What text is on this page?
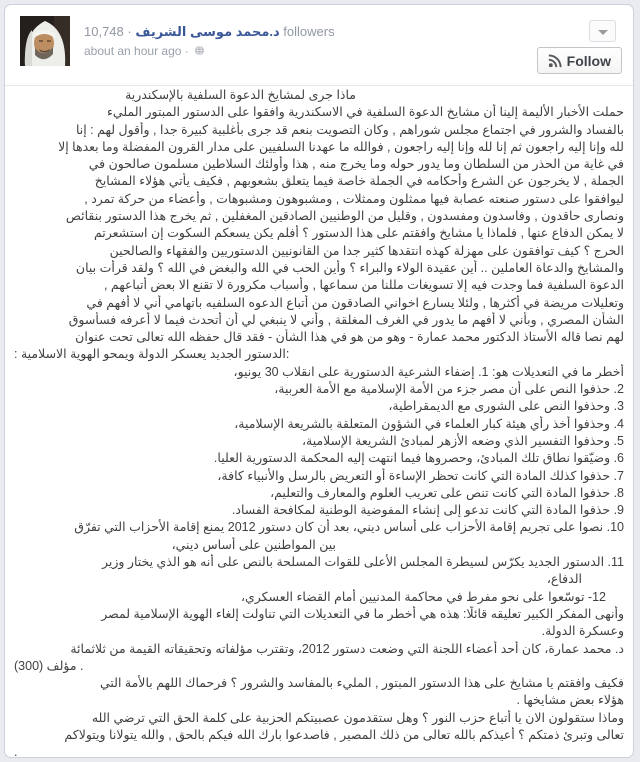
10,748 · د.محمد موسى الشريف followers
about an hour ago ·
Follow
ماذا جرى لمشايخ الدعوة السلفية بالإسكندرية
حملت الأخبار الأليمة إلينا أن مشايخ الدعوة السلفية في الاسكندرية وافقوا على الدستور المبتور المليء
بالفساد والشرور في اجتماع مجلس شوراهم , وكان التصويت بنعم قد جرى بأغلبية كبيرة جدا , وأقول لهم : إنا
لله وإنا إليه راجعون ثم إنا لله وإنا إليه راجعون , فوالله ما عهدنا السلفيين على مدار القرون المفضلة وما بعدها إلا
في غاية من الحذر من السلطان وما يدور حوله وما يخرج منه , هذا وأولئك السلاطين مسلمون صالحون في
الجملة , لا يخرجون عن الشرع وأحكامه في الجملة خاصة فيما يتعلق بشعوبهم , فكيف يأتي هؤلاء المشايخ
ليوافقوا على دستور صنعته عصابة فيها ممثلون وممثلات , ومشبوهون ومشبوهات , وأعضاء من حركة تمرد ,
ونصارى حاقدون , وفاسدون ومفسدون , وقليل من الوطنيين الصادقين المغفلين , ثم يخرج هذا الدستور بنقائص
لا يمكن الدفاع عنها , فلماذا يا مشايخ وافقتم على هذا الدستور ؟ أفلم يكن يسعكم السكوت إن استشعرتم
الحرج ؟ كيف توافقون على مهزلة كهذه انتقدها كثير جدا من القانونيين الدستوريين والفقهاء والصالحين
والمشايخ والدعاة العاملين .. أين عقيدة الولاء والبراء ؟ وأين الحب في الله والبغض في الله ؟ ولقد قرأت بيان
الدعوة السلفية فما وجدت فيه إلا تسويغات مللنا من سماعها , وأسباب مكرورة لا تقنع الا بعض أتباعهم ,
وتعليلات مريضة في أكثرها , ولئلا يسارع اخواني الصادقون من أتباع الدعوه السلفيه باتهامي أني لا أفهم في
الشأن المصري , وبأني لا أفهم ما يدور في الغرف المغلقة , وأني لا ينبغي لي أن أتحدث فيما لا أعرفه فسأسوق
لهم نصا قاله الأستاذ الدكتور محمد عمارة - وهو من هو في هذا الشأن - فقد قال حفظه الله تعالى تحت عنوان
:الدستور الجديد يعسكر الدولة ويمحو الهوية الاسلامية :
أخطر ما في التعديلات هو: 1. إضفاء الشرعية الدستورية على انقلاب 30 يونيو،
2. حذفوا النص على أن مصر جزء من الأمة الإسلامية مع الأمة العربية،
3. وحذفوا النص على الشورى مع الديمقراطية،
4. وحذفوا أخذ رأي هيئة كبار العلماء في الشؤون المتعلقة بالشريعة الإسلامية،
5. وحذفوا التفسير الذي وضعه الأزهر لمبادئ الشريعة الإسلامية،
6. وضيّقوا نطاق تلك المبادئ، وحصروها فيما انتهت إليه المحكمة الدستورية العليا.
7. حذفوا كذلك المادة التي كانت تحظر الإساءة أو التعريض بالرسل والأنبياء كافة،
8. حذفوا المادة التي كانت تنص على تعريب العلوم والمعارف والتعليم،
9. حذفوا المادة التي كانت تدعو إلى إنشاء المفوضية الوطنية لمكافحة الفساد.
10. نصوا على تجريم إقامة الأحزاب على أساس ديني، بعد أن كان دستور 2012 يمنع إقامة الأحزاب التي تفرّق
بين المواطنين على أساس ديني،
11. الدستور الجديد يكرّس لسيطرة المجلس الأعلى للقوات المسلحة بالنص على أنه هو الذي يختار وزير
الدفاع،
12- توسّعوا على نحو مفرط في محاكمة المدنيين أمام القضاء العسكري،
وأنهى المفكر الكبير تعليقه قائلًا: هذه هي أخطر ما في التعديلات التي تناولت إلغاء الهوية الإسلامية لمصر
وعسكرة الدولة.
د. محمد عمارة، كان أحد أعضاء اللجنة التي وضعت دستور 2012، وتقترب مؤلفاته وتحقيقاته القيمة من ثلاثمائة
(300) مؤلف .
فكيف وافقتم يا مشايخ على هذا الدستور المبتور , المليء بالمفاسد والشرور ؟ فرحماك اللهم بالأمة التي
هؤلاء بعض مشايخها .
وماذا ستقولون الان يا أتباع حزب النور ؟ وهل ستقدمون عصبيتكم الحزبية على كلمة الحق التي ترضي الله
تعالى وتبرئ ذمتكم ؟ أعيذكم بالله تعالى من ذلك المصير , فاصدعوا بارك الله فيكم بالحق , والله يتولانا ويتولاكم
.
